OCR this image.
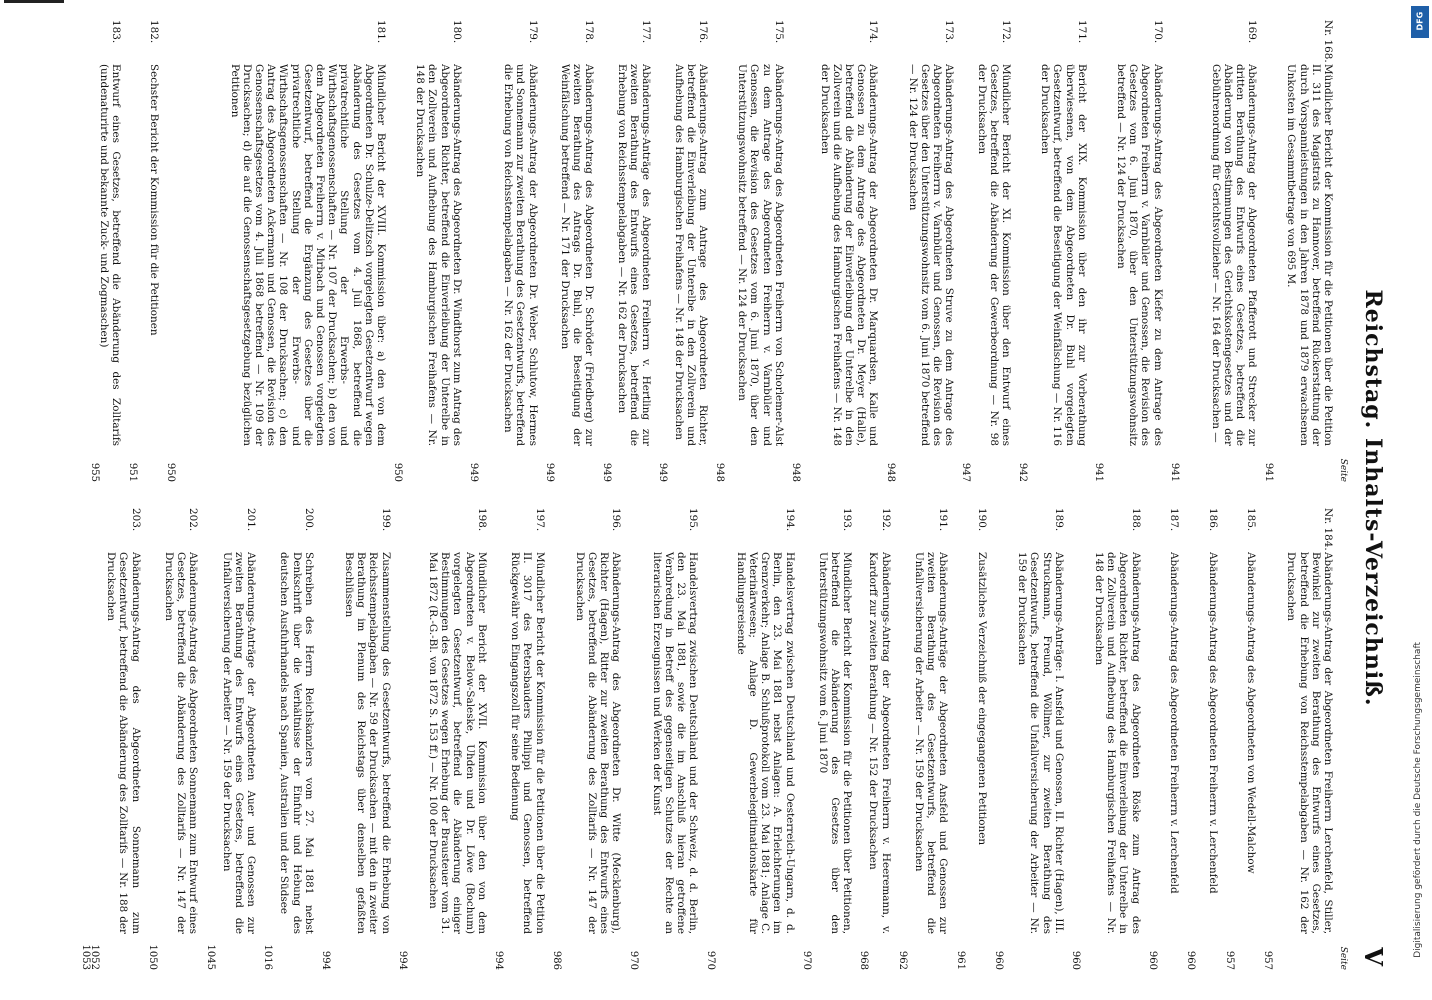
Reichstag. Inhalts-Verzeichniß.
V
Seite
Nr. 168.
Mündlicher Bericht der Kommission für die Petitionen über die Petition II. 311 des Magistrats zu Hannover, betreffend Rückerstattung der durch Vorspannleistungen in den Jahren 1878 und 1879 erwachsenen Unkosten im Gesammtbetrage von 695 M.
941
169.
Abänderungs-Antrag der Abgeordneten Pfafferott und Strecker zur dritten Berathung des Entwurfs eines Gesetzes, betreffend die Abänderung von Bestimmungen des Gerichtskostengesetzes und der Gebührenordnung für Gerichtsvollzieher — Nr. 164 der Drucksachen —
941
170.
Abänderungs-Antrag des Abgeordneten Kiefer zu dem Antrage des Abgeordneten Freiherrn v. Varnbüler und Genossen, die Revision des Gesetzes vom 6. Juni 1870, über den Unterstützungswohnsitz betreffend — Nr. 124 der Drucksachen
941
171.
Bericht der XIX. Kommission über den ihr zur Vorberathung überwiesenen, von dem Abgeordneten Dr. Buhl vorgelegten Gesetzentwurf, betreffend die Beseitigung der Weinfälschung — Nr. 116 der Drucksachen
942
172.
Mündlicher Bericht der XI. Kommission über den Entwurf eines Gesetzes, betreffend die Abänderung der Gewerbeordnung — Nr. 98 der Drucksachen
947
173.
Abänderungs-Antrag des Abgeordneten Struve zu dem Antrage des Abgeordneten Freiherrn v. Varnbüler und Genossen, die Revision des Gesetzes über den Unterstützungswohnsitz vom 6. Juni 1870 betreffend — Nr. 124 der Drucksachen
948
174.
Abänderungs-Antrag der Abgeordneten Dr. Marquardsen, Kalle und Genossen zu dem Antrage des Abgeordneten Dr. Meyer (Halle), betreffend die Abänderung der Einverleibung der Unterelbe in den Zollverein und die Aufhebung des Hamburgischen Freihafens — Nr. 148 der Drucksachen
948
175.
Abänderungs-Antrag des Abgeordneten Freiherrn von Schorlemer-Alst zu dem Antrage des Abgeordneten Freiherrn v. Varnbüler und Genossen, die Revision des Gesetzes vom 6. Juni 1870, über den Unterstützungswohnsitz betreffend — Nr. 124 der Drucksachen
948
176.
Abänderungs-Antrag zum Antrage des Abgeordneten Richter, betreffend die Einverleibung der Unterelbe in den Zollverein und Aufhebung des Hamburgischen Freihafens — Nr. 148 der Drucksachen
949
177.
Abänderungs-Anträge des Abgeordneten Freiherrn v. Hertling zur zweiten Berathung des Entwurfs eines Gesetzes, betreffend die Erhebung von Reichsstempelabgaben — Nr. 162 der Drucksachen
949
178.
Abänderungs-Antrag des Abgeordneten Dr. Schröder (Friedberg) zur zweiten Berathung des Antrags Dr. Buhl, die Beseitigung der Weinfälschung betreffend — Nr. 171 der Drucksachen
949
179.
Abänderungs-Antrag der Abgeordneten Dr. Weber, Schlutow, Hermes und Sonnemann zur zweiten Berathung des Gesetzentwurfs, betreffend die Erhebung von Reichsstempelabgaben — Nr. 162 der Drucksachen
949
180.
Abänderungs-Antrag des Abgeordneten Dr. Windthorst zum Antrag des Abgeordneten Richter, betreffend die Einverleibung der Unterelbe in den Zollverein und Aufhebung des Hamburgischen Freihafens — Nr. 148 der Drucksachen
950
181.
Mündlicher Bericht der XVIII. Kommission über: a) den von dem Abgeordneten Dr. Schulze-Delitzsch vorgelegten Gesetzentwurf wegen Abänderung des Gesetzes vom 4. Juli 1868, betreffend die privatrechtliche Stellung der Erwerbs- und Wirthschaftsgenossenschaften — Nr. 107 der Drucksachen; b) den von dem Abgeordneten Freiherrn v. Mirbach und Genossen vorgelegten Gesetzentwurf, betreffend die Ergänzung des Gesetzes über die privatrechtliche Stellung der Erwerbs- und Wirthschaftsgenossenschaften — Nr. 108 der Drucksachen; c) den Antrag des Abgeordneten Ackermann und Genossen, die Revision des Genossenschaftsgesetzes vom 4. Juli 1868 betreffend — Nr. 109 der Drucksachen; d) die auf die Genossenschaftsgesetzgebung bezüglichen Petitionen
950
182.
Sechster Bericht der Kommission für die Petitionen
951
183.
Entwurf eines Gesetzes, betreffend die Abänderung des Zolltarifs (undenaturirte und bekannte Zuck- und Zogmaschen)
955
Seite
Nr. 184.
Abänderungs-Antrag der Abgeordneten Freiherrn Lerchenfeld, Stiller, Bewinkel zur zweiten Berathung des Entwurfs eines Gesetzes, betreffend die Erhebung von Reichsstempelabgaben — Nr. 162 der Drucksachen
957
185.
Abänderungs-Antrag des Abgeordneten von Wedell-Malchow
957
186.
Abänderungs-Antrag des Abgeordneten Freiherrn v. Lerchenfeld
960
187.
Abänderungs-Antrag des Abgeordneten Freiherrn v. Lerchenfeld
960
188.
Abänderungs-Antrag des Abgeordneten Röske zum Antrag des Abgeordneten Richter, betreffend die Einverleibung der Unterelbe in den Zollverein und Aufhebung des Hamburgischen Freihafens — Nr. 148 der Drucksachen
960
189.
Abänderungs-Anträge: I. Ansfeld und Genossen, II. Richter (Hagen), III. Struckmann, Freund, Wöllmer, zur zweiten Berathung des Gesetzentwurfs, betreffend die Unfallversicherung der Arbeiter — Nr. 159 der Drucksachen
960
190.
Zusätzliches Verzeichniß der eingegangenen Petitionen
961
191.
Abänderungs-Anträge der Abgeordneten Ansfeld und Genossen zur zweiten Berathung des Gesetzentwurfs, betreffend die Unfallversicherung der Arbeiter — Nr. 159 der Drucksachen
962
192.
Abänderungs-Antrag der Abgeordneten Freiherrn v. Heeremann, v. Kardorff zur zweiten Berathung — Nr. 152 der Drucksachen
968
193.
Mündlicher Bericht der Kommission für die Petitionen über Petitionen, betreffend die Abänderung des Gesetzes über den Unterstützungswohnsitz vom 6. Juni 1870
970
194.
Handelsvertrag zwischen Deutschland und Oesterreich-Ungarn, d. d. Berlin, den 23. Mai 1881 nebst Anlagen: A. Erleichterungen im Grenzverkehr; Anlage B. Schlußprotokoll vom 23. Mai 1881; Anlage C. Veterinärwesen; Anlage D. Gewerbelegitimationskarte für Handlungsreisende
970
195.
Handelsvertrag zwischen Deutschland und der Schweiz, d. d. Berlin, den 23. Mai 1881, sowie die im Anschluß hieran getroffene Verabredung in Betreff des gegenseitigen Schutzes der Rechte an literarischen Erzeugnissen und Werken der Kunst
970
196.
Abänderungs-Antrag des Abgeordneten Dr. Witte (Mecklenburg), Richter (Hagen), Ritter zur zweiten Berathung des Entwurfs eines Gesetzes, betreffend die Abänderung des Zolltarifs — Nr. 147 der Drucksachen
986
197.
Mündlicher Bericht der Kommission für die Petitionen über die Petition II. 3017 des Petersbauders Philippi und Genossen, betreffend Rückgewähr von Eingangszoll für seine Bedienung
994
198.
Mündlicher Bericht der XVII. Kommission über den von dem Abgeordneten v. Below-Saleske, Uhden und Dr. Löwe (Bochum) vorgelegten Gesetzentwurf, betreffend die Abänderung einiger Bestimmungen des Gesetzes wegen Erhebung der Brausteuer vom 31. Mai 1872 (R.-G.-Bl. von 1872 S. 153 ff.) — Nr. 100 der Drucksachen
994
199.
Zusammenstellung des Gesetzentwurfs, betreffend die Erhebung von Reichsstempelabgaben — Nr. 59 der Drucksachen — mit den in zweiter Berathung im Plenum des Reichstags über denselben gefaßten Beschlüssen
994
200.
Schreiben des Herrn Reichskanzlers vom 27. Mai 1881 nebst Denkschrift über die Verhältnisse der Einfuhr und Hebung des deutschen Ausfuhrhandels nach Spanien, Australien und der Südsee
1016
201.
Abänderungs-Anträge der Abgeordneten Auer und Genossen zur zweiten Berathung des Entwurfs eines Gesetzes, betreffend die Unfallversicherung der Arbeiter — Nr. 159 der Drucksachen
1045
202.
Abänderungs-Antrag des Abgeordneten Sonnemann zum Entwurf eines Gesetzes, betreffend die Abänderung des Zolltarifs — Nr. 147 der Drucksachen
1050
203.
Abänderungs-Antrag des Abgeordneten Sonnemann zum Gesetzentwurf, betreffend die Abänderung des Zolltarifs — Nr. 188 der Drucksachen
1052
1053
DFG
Digitalisierung gefördert durch die Deutsche Forschungsgemeinschaft
